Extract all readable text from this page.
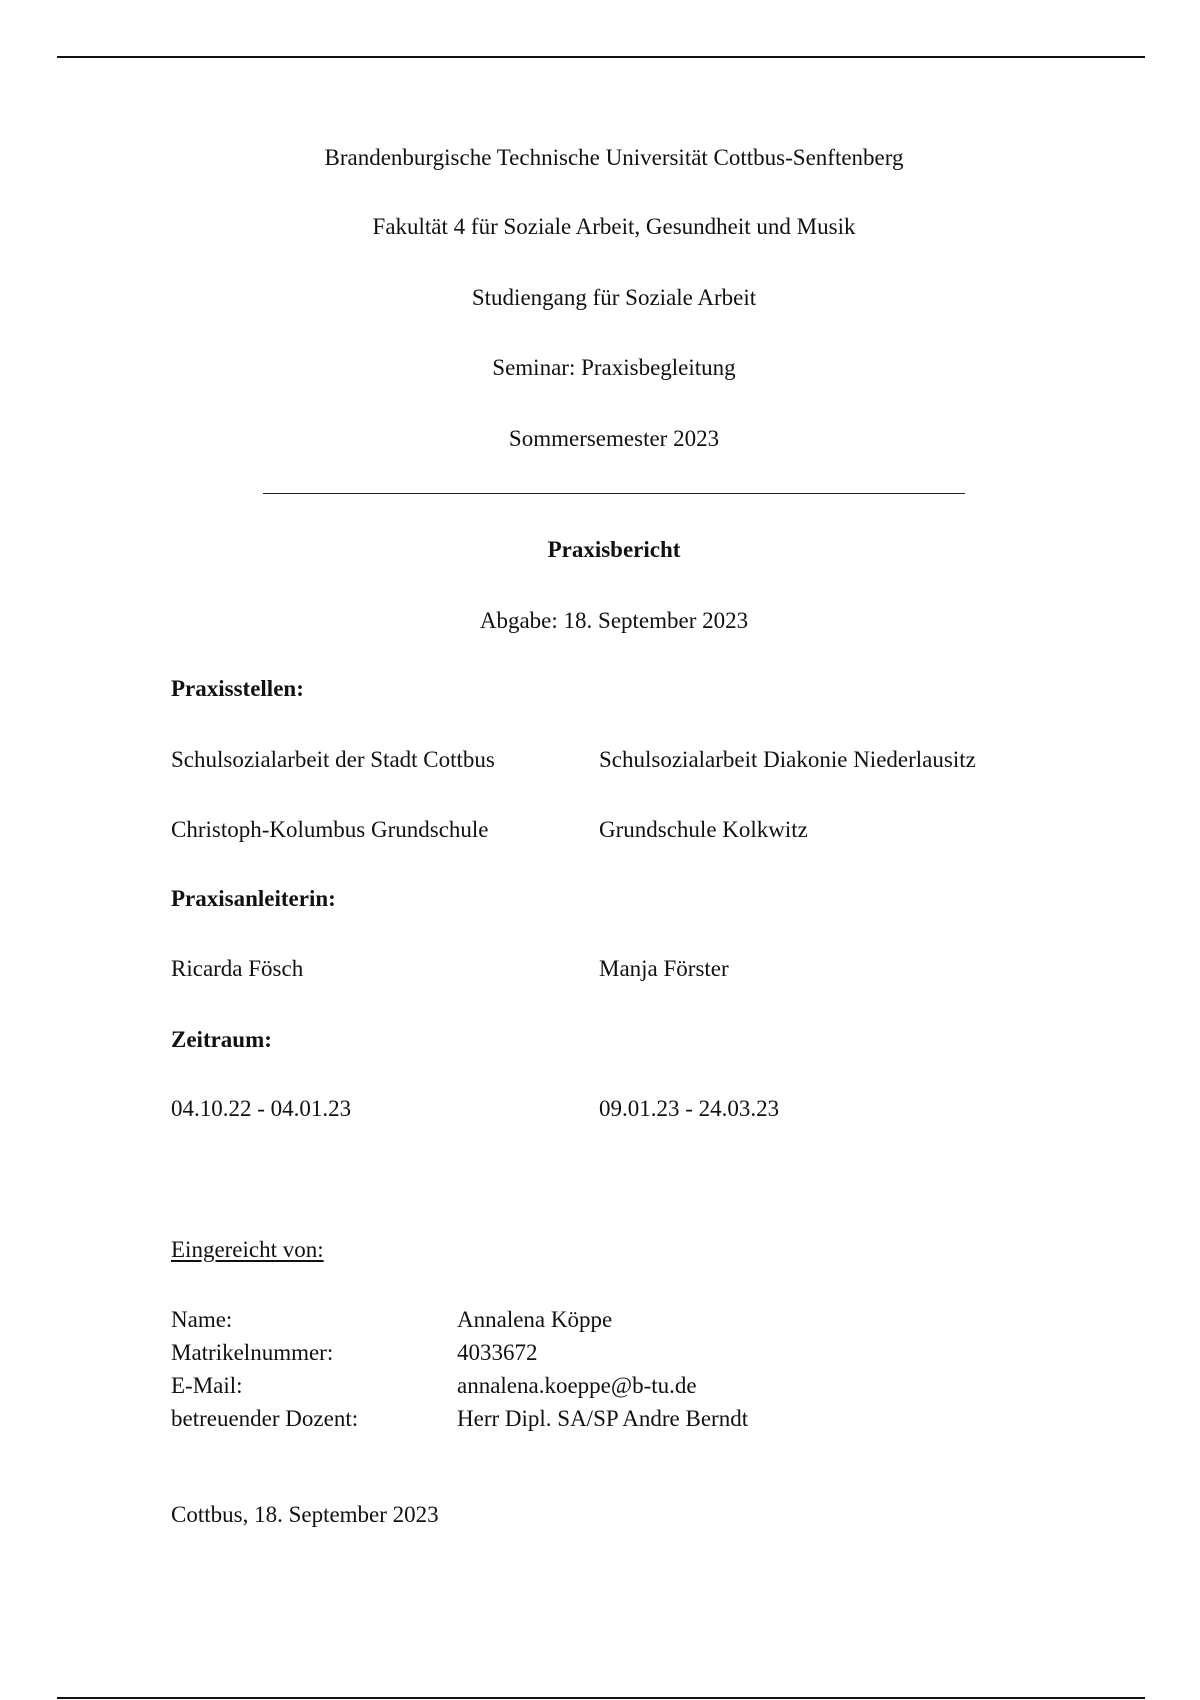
Brandenburgische Technische Universität Cottbus-Senftenberg
Fakultät 4 für Soziale Arbeit, Gesundheit und Musik
Studiengang für Soziale Arbeit
Seminar: Praxisbegleitung
Sommersemester 2023
Praxisbericht
Abgabe: 18. September 2023
Praxisstellen:
Schulsozialarbeit der Stadt Cottbus	Schulsozialarbeit Diakonie Niederlausitz
Christoph-Kolumbus Grundschule	Grundschule Kolkwitz
Praxisanleiterin:
Ricarda Fösch	Manja Förster
Zeitraum:
04.10.22 - 04.01.23	09.01.23 - 24.03.23
Eingereicht von:
Name:	Annalena Köppe
Matrikelnummer:	4033672
E-Mail:	annalena.koeppe@b-tu.de
betreuender Dozent:	Herr Dipl. SA/SP Andre Berndt
Cottbus, 18. September 2023
